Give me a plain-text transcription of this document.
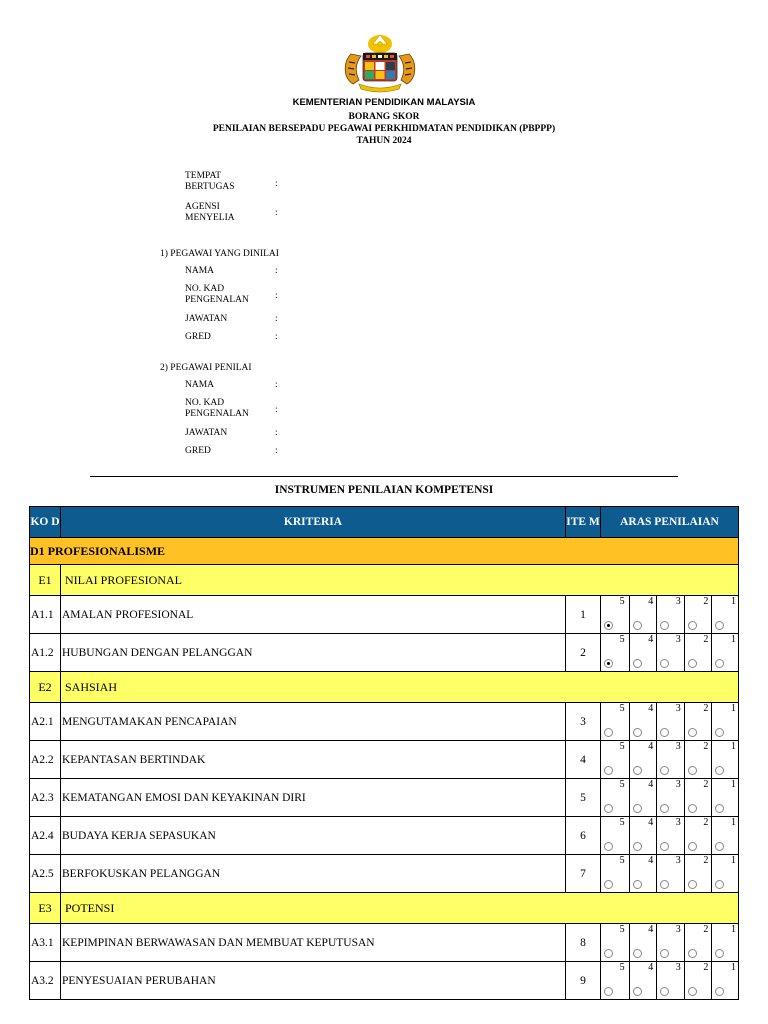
KEMENTERIAN PENDIDIKAN MALAYSIA
BORANG SKOR
PENILAIAN BERSEPADU PEGAWAI PERKHIDMATAN PENDIDIKAN (PBPPP)
TAHUN 2024
TEMPAT
BERTUGAS	:
AGENSI
MENYELIA	:
1) PEGAWAI YANG DINILAI
NAMA	:
NO. KAD
PENGENALAN	:
JAWATAN	:
GRED	:
2) PEGAWAI PENILAI
NAMA	:
NO. KAD
PENGENALAN	:
JAWATAN	:
GRED	:
INSTRUMEN PENILAIAN KOMPETENSI
KO D	KRITERIA	ITE M	ARAS PENILAIAN
D1 PROFESIONALISME			
E1	NILAI PROFESIONAL		
A1.1	AMALAN PROFESIONAL	1	5 4 3 2 1

A1.2	HUBUNGAN DENGAN PELANGGAN	2	5 4 3 2 1

E2	SAHSIAH		
A2.1	MENGUTAMAKAN PENCAPAIAN	3	5 4 3 2 1

A2.2	KEPANTASAN BERTINDAK	4	5 4 3 2 1

A2.3	KEMATANGAN EMOSI DAN KEYAKINAN DIRI	5	5 4 3 2 1

A2.4	BUDAYA KERJA SEPASUKAN	6	5 4 3 2 1

A2.5	BERFOKUSKAN PELANGGAN	7	5 4 3 2 1

E3	POTENSI		
A3.1	KEPIMPINAN BERWAWASAN DAN MEMBUAT KEPUTUSAN	8	5 4 3 2 1

A3.2	PENYESUAIAN PERUBAHAN	9	5 4 3 2 1
